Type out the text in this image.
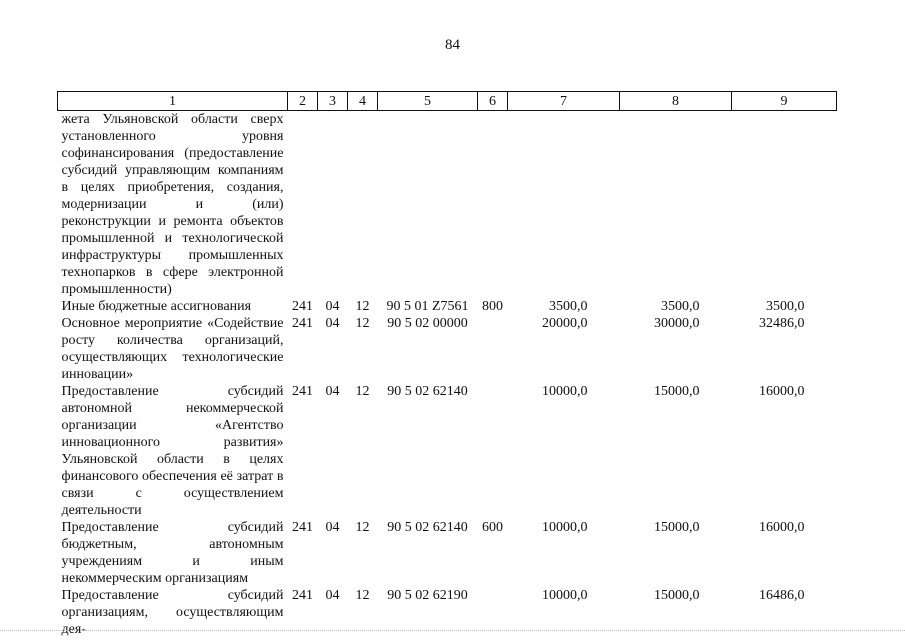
84
1	2	3	4	5	6	7	8	9
жета Ульяновской области сверх установленного уровня софинансирования (предоставление субсидий управляющим компаниям в целях приобретения, создания, модернизации и (или) реконструкции и ремонта объектов промышленной и технологической инфраструктуры промышленных технопарков в сфере электронной промышленности)								
Иные бюджетные ассигнования	241	04	12	90 5 01 Z7561	800	3500,0	3500,0	3500,0
Основное мероприятие «Содействие росту количества организаций, осуществляющих технологические инновации»	241	04	12	90 5 02 00000		20000,0	30000,0	32486,0
Предоставление субсидий автономной некоммерческой организации «Агентство инновационного развития» Ульяновской области в целях финансового обеспечения её затрат в связи с осуществлением деятельности	241	04	12	90 5 02 62140		10000,0	15000,0	16000,0
Предоставление субсидий бюджетным, автономным учреждениям и иным некоммерческим организациям	241	04	12	90 5 02 62140	600	10000,0	15000,0	16000,0
Предоставление субсидий организациям, осуществляющим дея-	241	04	12	90 5 02 62190		10000,0	15000,0	16486,0
